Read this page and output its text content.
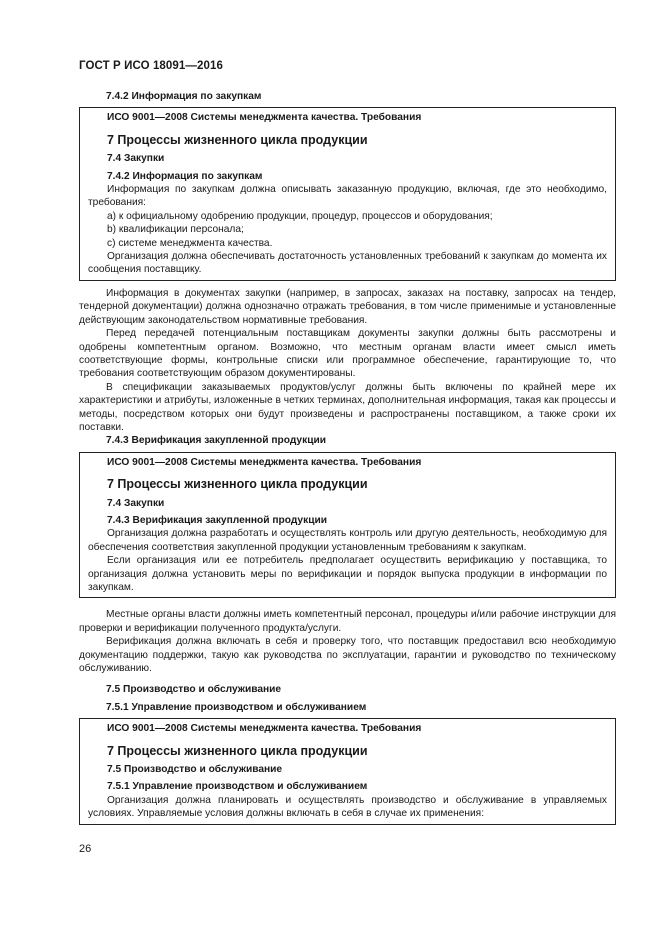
ГОСТ Р ИСО 18091—2016

7.4.2 Информация по закупкам

ИСО 9001—2008 Системы менеджмента качества. Требования

7 Процессы жизненного цикла продукции

7.4 Закупки

7.4.2 Информация по закупкам

Информация по закупкам должна описывать заказанную продукцию, включая, где это необходимо, требования:

a) к официальному одобрению продукции, процедур, процессов и оборудования;

b) квалификации персонала;

c) системе менеджмента качества.

Организация должна обеспечивать достаточность установленных требований к закупкам до момента их сообщения поставщику.

Информация в документах закупки (например, в запросах, заказах на поставку, запросах на тендер, тендерной документации) должна однозначно отражать требования, в том числе применимые и установленные действующим законодательством нормативные требования.

Перед передачей потенциальным поставщикам документы закупки должны быть рассмотрены и одобрены компетентным органом. Возможно, что местным органам власти имеет смысл иметь соответствующие формы, контрольные списки или программное обеспечение, гарантирующие то, что требования соответствующим образом документированы.

В спецификации заказываемых продуктов/услуг должны быть включены по крайней мере их характеристики и атрибуты, изложенные в четких терминах, дополнительная информация, такая как процессы и методы, посредством которых они будут произведены и распространены поставщиком, а также сроки их поставки.

7.4.3 Верификация закупленной продукции

ИСО 9001—2008 Системы менеджмента качества. Требования

7 Процессы жизненного цикла продукции

7.4 Закупки

7.4.3 Верификация закупленной продукции

Организация должна разработать и осуществлять контроль или другую деятельность, необходимую для обеспечения соответствия закупленной продукции установленным требованиям к закупкам.

Если организация или ее потребитель предполагает осуществить верификацию у поставщика, то организация должна установить меры по верификации и порядок выпуска продукции в информации по закупкам.

Местные органы власти должны иметь компетентный персонал, процедуры и/или рабочие инструкции для проверки и верификации полученного продукта/услуги.

Верификация должна включать в себя и проверку того, что поставщик предоставил всю необходимую документацию поддержки, такую как руководства по эксплуатации, гарантии и руководство по техническому обслуживанию.

7.5 Производство и обслуживание

7.5.1 Управление производством и обслуживанием

ИСО 9001—2008 Системы менеджмента качества. Требования

7 Процессы жизненного цикла продукции

7.5 Производство и обслуживание

7.5.1 Управление производством и обслуживанием

Организация должна планировать и осуществлять производство и обслуживание в управляемых условиях. Управляемые условия должны включать в себя в случае их применения:

26
